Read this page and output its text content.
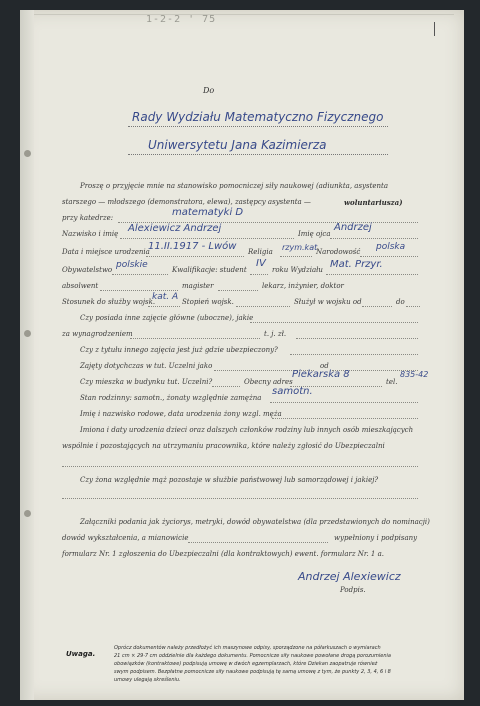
1-2-2 ' 75
Do
Rady Wydziału Matematyczno Fizycznego
Uniwersytetu Jana Kazimierza
Proszę o przyjęcie mnie na stanowisko pomocniczej siły naukowej (adiunkta, asystenta
starszego — młodszego (demonstratora, elewa), zastępcy asystenta —	woluntariusza)
przy katedrze:	matematyki D
Nazwisko i imię Alexiewicz Andrzej	Imię ojca
Andrzej
Data i miejsce urodzenia
11.II.1917 - Lwów Religia rzym.kat
Narodowość polska
Obywatelstwo polskie	Kwalifikacje: student
IV
roku Wydziału Mat. Przyr.
absolwent	magister	lekarz, inżynier, doktor
Stosunek do służby wojsk.
kat. A Stopień wojsk.	Służył w wojsku od	do
Czy posiada inne zajęcie główne (uboczne), jakie
za wynagrodzeniem	t. j. zł.
Czy z tytułu innego zajęcia jest już gdzie ubezpieczony?
Zajęty dotychczas w tut. Uczelni jako	od
Czy mieszka w budynku tut. Uczelni?	Obecny adres
Piekarska 8
tel.
835-42
Stan rodzinny: samotn., żonaty względnie zamężna
samotn.
Imię i nazwisko rodowe, data urodzenia żony wzgl. męża
Imiona i daty urodzenia dzieci oraz dalszych członków rodziny lub innych osób mieszkających
wspólnie i pozostających na utrzymaniu pracownika, które należy zgłosić do Ubezpieczalni
Czy żona względnie mąż pozostaje w służbie państwowej lub samorządowej i jakiej?
Załączniki podania jak życiorys, metryki, dowód obywatelstwa (dla przedstawionych do nominacji)
dowód wykształcenia, a mianowicie	wypełniony i podpisany
formularz Nr. 1 zgłoszenia do Ubezpieczalni (dla kontraktowych) ewent. formularz Nr. 1 a.
Andrzej Alexiewicz
Podpis.
Uwaga.
Oprócz dokumentów należy przedłożyć ich maszynowe odpisy, sporządzone na półarkuszach o wymiarach
21 cm × 29·7 cm oddzielnie dla każdego dokumentu. Pomocnicze siły naukowe powołane drogą porozumienia
obowiązków (kontraktowe) podpisują umowę w dwóch egzemplarzach, które Dziekan zaopatruje również
swym podpisem. Bezpłatne pomocnicze siły naukowe podpisują tę samą umowę z tym, że punkty 2, 3, 4, 6 i 8
umowy ulegają skreśleniu.
